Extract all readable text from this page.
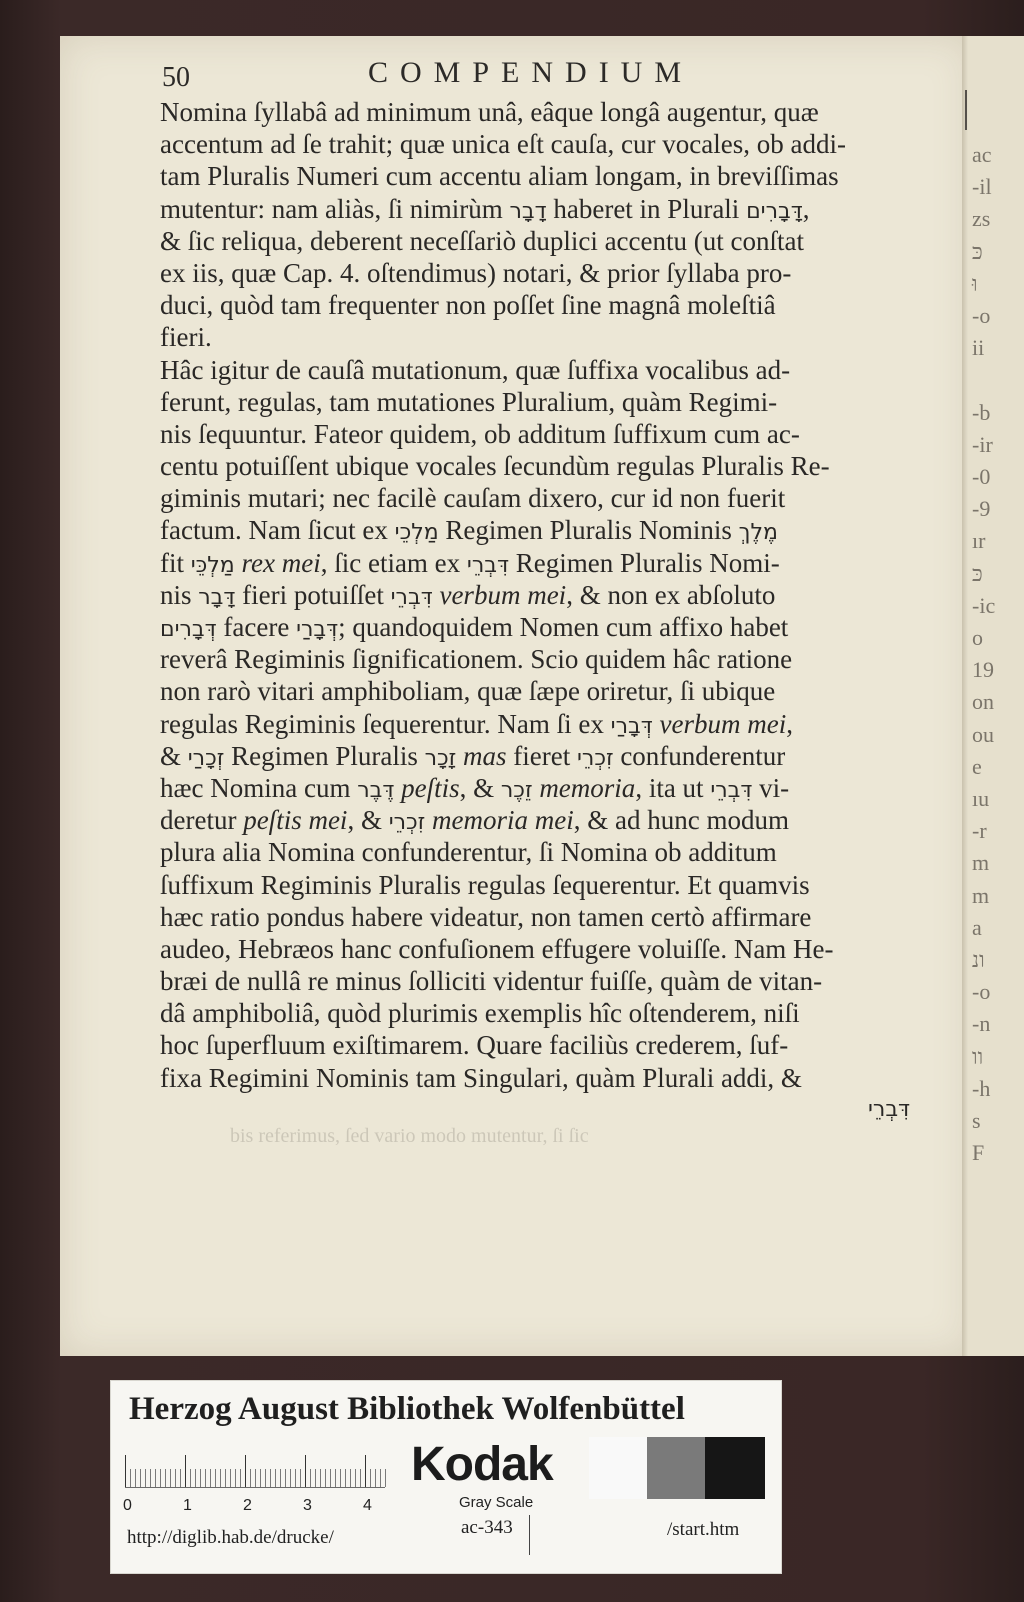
ac
-il
zs
כּ
וּ
-o
ii
-b
-ir
-0
-9
ır
כּ
-ic
o
19
on
ou
e
ıu
-r
m
m
a
ונ
-o
-n
וו
-h
s
F
50	COMPENDIUM
Nomina ſyllabâ ad minimum unâ, eâque longâ augentur, quæ
accentum ad ſe trahit; quæ unica eſt cauſa, cur vocales, ob addi-
tam Pluralis Numeri cum accentu aliam longam, in breviſſimas
mutentur: nam aliàs, ſi nimirùm דָבָר haberet in Plurali דָּבָרִים,
& ſic reliqua, deberent neceſſariò duplici accentu (ut conſtat
ex iis, quæ Cap. 4. oſtendimus) notari, & prior ſyllaba pro-
duci, quòd tam frequenter non poſſet ſine magnâ moleſtiâ
fieri.
Hâc igitur de cauſâ mutationum, quæ ſuffixa vocalibus ad-
ferunt, regulas, tam mutationes Pluralium, quàm Regimi-
nis ſequuntur. Fateor quidem, ob additum ſuffixum cum ac-
centu potuiſſent ubique vocales ſecundùm regulas Pluralis Re-
giminis mutari; nec facilè cauſam dixero, cur id non fuerit
factum. Nam ſicut ex מַלְכֵי Regimen Pluralis Nominis מֶלֶךְ
fit מַלְכֵּי rex mei, ſic etiam ex דִּבְרֵי Regimen Pluralis Nomi-
nis דָּבָר fieri potuiſſet דִּבְרֵי verbum mei, & non ex abſoluto
דְּבָרִים facere דְּבָרַי; quandoquidem Nomen cum affixo habet
reverâ Regiminis ſignificationem. Scio quidem hâc ratione
non rarò vitari amphiboliam, quæ ſæpe oriretur, ſi ubique
regulas Regiminis ſequerentur. Nam ſi ex דְּבָרַי verbum mei,
& זְכָרַי Regimen Pluralis זָכָר mas fieret זִכְרֵי confunderentur
hæc Nomina cum דֶּבֶר peſtis, & זֵכֶר memoria, ita ut דִּבְרֵי vi-
deretur peſtis mei, & זִכְרֵי memoria mei, & ad hunc modum
plura alia Nomina confunderentur, ſi Nomina ob additum
ſuffixum Regiminis Pluralis regulas ſequerentur. Et quamvis
hæc ratio pondus habere videatur, non tamen certò affirmare
audeo, Hebræos hanc confuſionem effugere voluiſſe. Nam He-
bræi de nullâ re minus ſolliciti videntur fuiſſe, quàm de vitan-
dâ amphiboliâ, quòd plurimis exemplis hîc oſtenderem, niſi
hoc ſuperfluum exiſtimarem. Quare faciliùs crederem, ſuf-
fixa Regimini Nominis tam Singulari, quàm Plurali addi, &
bis referimus, ſed vario modo mutentur, ſi ſic
דִּבְרֵי
Herzog August Bibliothek Wolfenbüttel
0	1	2	3	4
Kodak
Gray Scale
http://diglib.hab.de/drucke/	ac-343	/start.htm
